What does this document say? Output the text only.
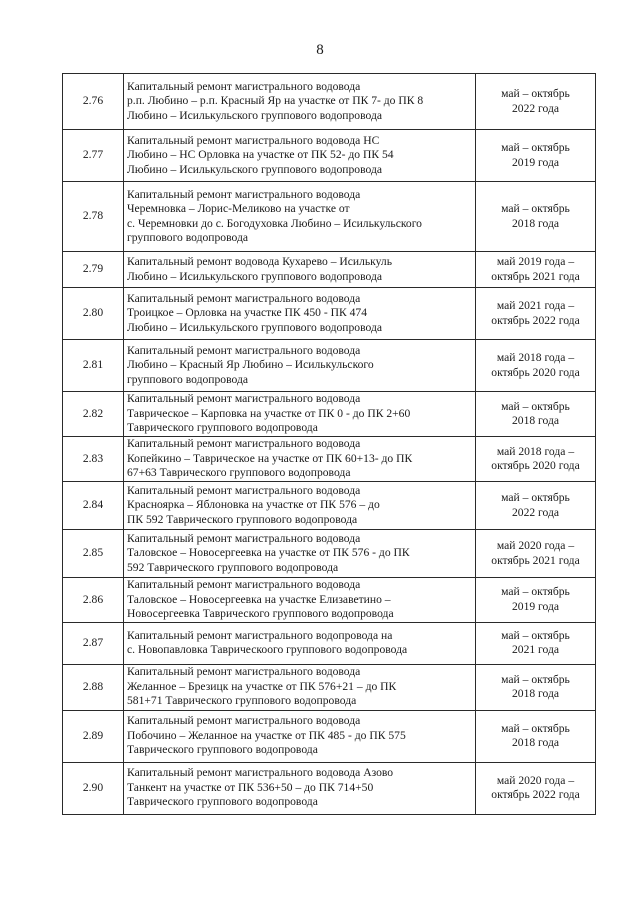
8
2.76	Капитальный ремонт магистрального водовода
р.п. Любино – р.п. Красный Яр на участке от ПК 7- до ПК 8
Любино – Исилькульского группового водопровода	май – октябрь
2022 года

2.77	Капитальный ремонт магистрального водовода НС
Любино – НС Орловка на участке от ПК 52- до ПК 54
Любино – Исилькульского группового водопровода	май – октябрь
2019 года

2.78	Капитальный ремонт магистрального водовода
Черемновка – Лорис-Меликово на участке от
с. Черемновки до с. Богодуховка Любино – Исилькульского
группового водопровода	май – октябрь
2018 года

2.79	Капитальный ремонт водовода Кухарево – Исилькуль
Любино – Исилькульского группового водопровода	май 2019 года –
октябрь 2021 года

2.80	Капитальный ремонт магистрального водовода
Троицкое – Орловка на участке ПК 450 - ПК 474
Любино – Исилькульского группового водопровода	май 2021 года –
октябрь 2022 года

2.81	Капитальный ремонт магистрального водовода
Любино – Красный Яр Любино – Исилькульского
группового водопровода	май 2018 года –
октябрь 2020 года

2.82	Капитальный ремонт магистрального водовода
Таврическое – Карповка на участке от ПК 0 - до ПК 2+60
Таврического группового водопровода	май – октябрь
2018 года

2.83	Капитальный ремонт магистрального водовода
Копейкино – Таврическое на участке от ПК 60+13- до ПК
67+63 Таврического группового водопровода	май 2018 года –
октябрь 2020 года

2.84	Капитальный ремонт магистрального водовода
Красноярка – Яблоновка на участке от ПК 576 – до
ПК 592 Таврического группового водопровода	май – октябрь
2022 года

2.85	Капитальный ремонт магистрального водовода
Таловское – Новосергеевка на участке от ПК 576 - до ПК
592 Таврического группового водопровода	май 2020 года –
октябрь 2021 года

2.86	Капитальный ремонт магистрального водовода
Таловское – Новосергеевка на участке Елизаветино –
Новосергеевка Таврического группового водопровода	май – октябрь
2019 года

2.87	Капитальный ремонт магистрального водопровода на
с. Новопавловка Таврическоого группового водопровода	май – октябрь
2021 года

2.88	Капитальный ремонт магистрального водовода
Желанное – Брезицк на участке от ПК 576+21 – до ПК
581+71 Таврического группового водопровода	май – октябрь
2018 года

2.89	Капитальный ремонт магистрального водовода
Побочино – Желанное на участке от ПК 485 - до ПК 575
Таврического группового водопровода	май – октябрь
2018 года

2.90	Капитальный ремонт магистрального водовода Азово
Танкент на участке от ПК 536+50 – до ПК 714+50
Таврического группового водопровода	май 2020 года –
октябрь 2022 года
